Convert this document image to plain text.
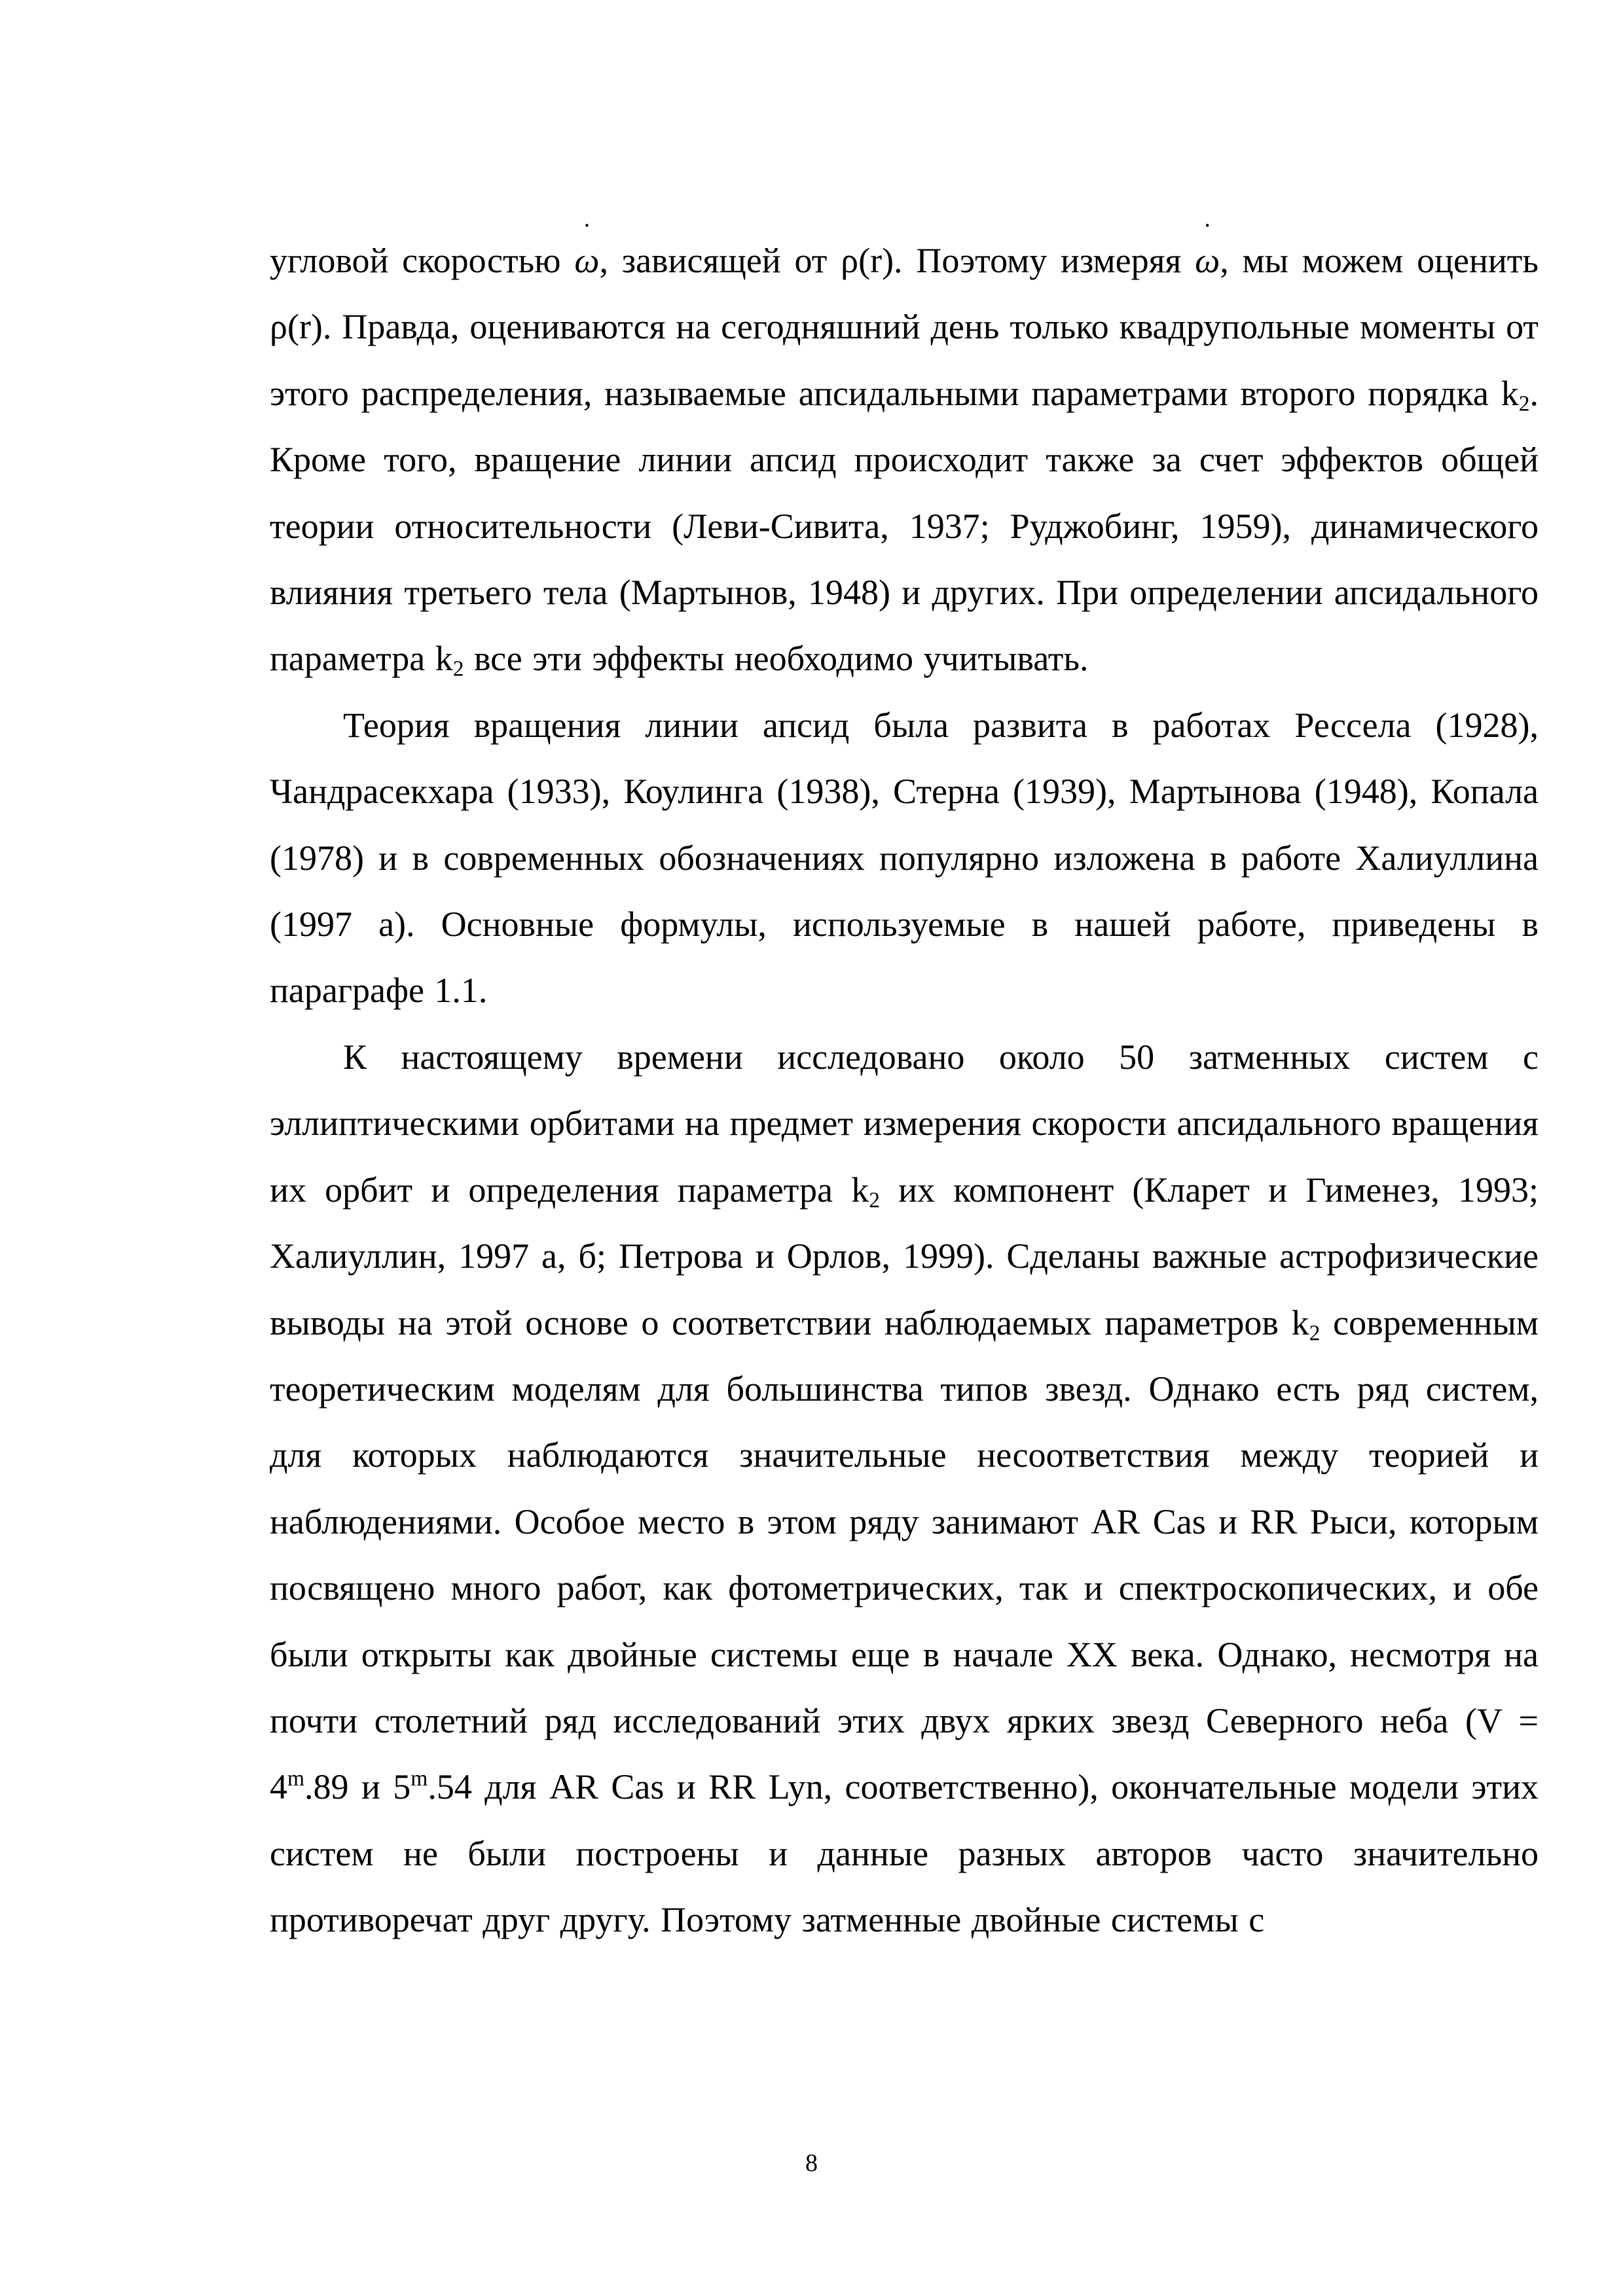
угловой скоростью
·
ω, зависящей от ρ(r). Поэтому измеряя
·
ω, мы можем оценить ρ(r). Правда, оцениваются на сегодняшний день только квадрупольные моменты от этого распределения, называемые апсидальными параметрами второго порядка $k_2$. Кроме того, вращение линии апсид происходит также за счет эффектов общей теории относительности (Леви-Сивита, 1937; Руджобинг, 1959), динамического влияния третьего тела (Мартынов, 1948) и других. При определении апсидального параметра $k_2$ все эти эффекты необходимо учитывать.

Теория вращения линии апсид была развита в работах Рессела (1928), Чандрасекхара (1933), Коулинга (1938), Стерна (1939), Мартынова (1948), Копала (1978) и в современных обозначениях популярно изложена в работе Халиуллина (1997 а). Основные формулы, используемые в нашей работе, приведены в параграфе 1.1.

К настоящему времени исследовано около 50 затменных систем с эллиптическими орбитами на предмет измерения скорости апсидального вращения их орбит и определения параметра $k_2$ их компонент (Кларет и Гименез, 1993; Халиуллин, 1997 а, б; Петрова и Орлов, 1999). Сделаны важные астрофизические выводы на этой основе о соответствии наблюдаемых параметров $k_2$ современным теоретическим моделям для большинства типов звезд. Однако есть ряд систем, для которых наблюдаются значительные несоответствия между теорией и наблюдениями. Особое место в этом ряду занимают AR Cas и RR Рыси, которым посвящено много работ, как фотометрических, так и спектроскопических, и обе были открыты как двойные системы еще в начале XX века. Однако, несмотря на почти столетний ряд исследований этих двух ярких звезд Северного неба ($V = 4^m.89$ и 5$^m$.54 для AR Cas и RR Lyn, соответственно), окончательные модели этих систем не были построены и данные разных авторов часто значительно противоречат друг другу. Поэтому затменные двойные системы с

8
